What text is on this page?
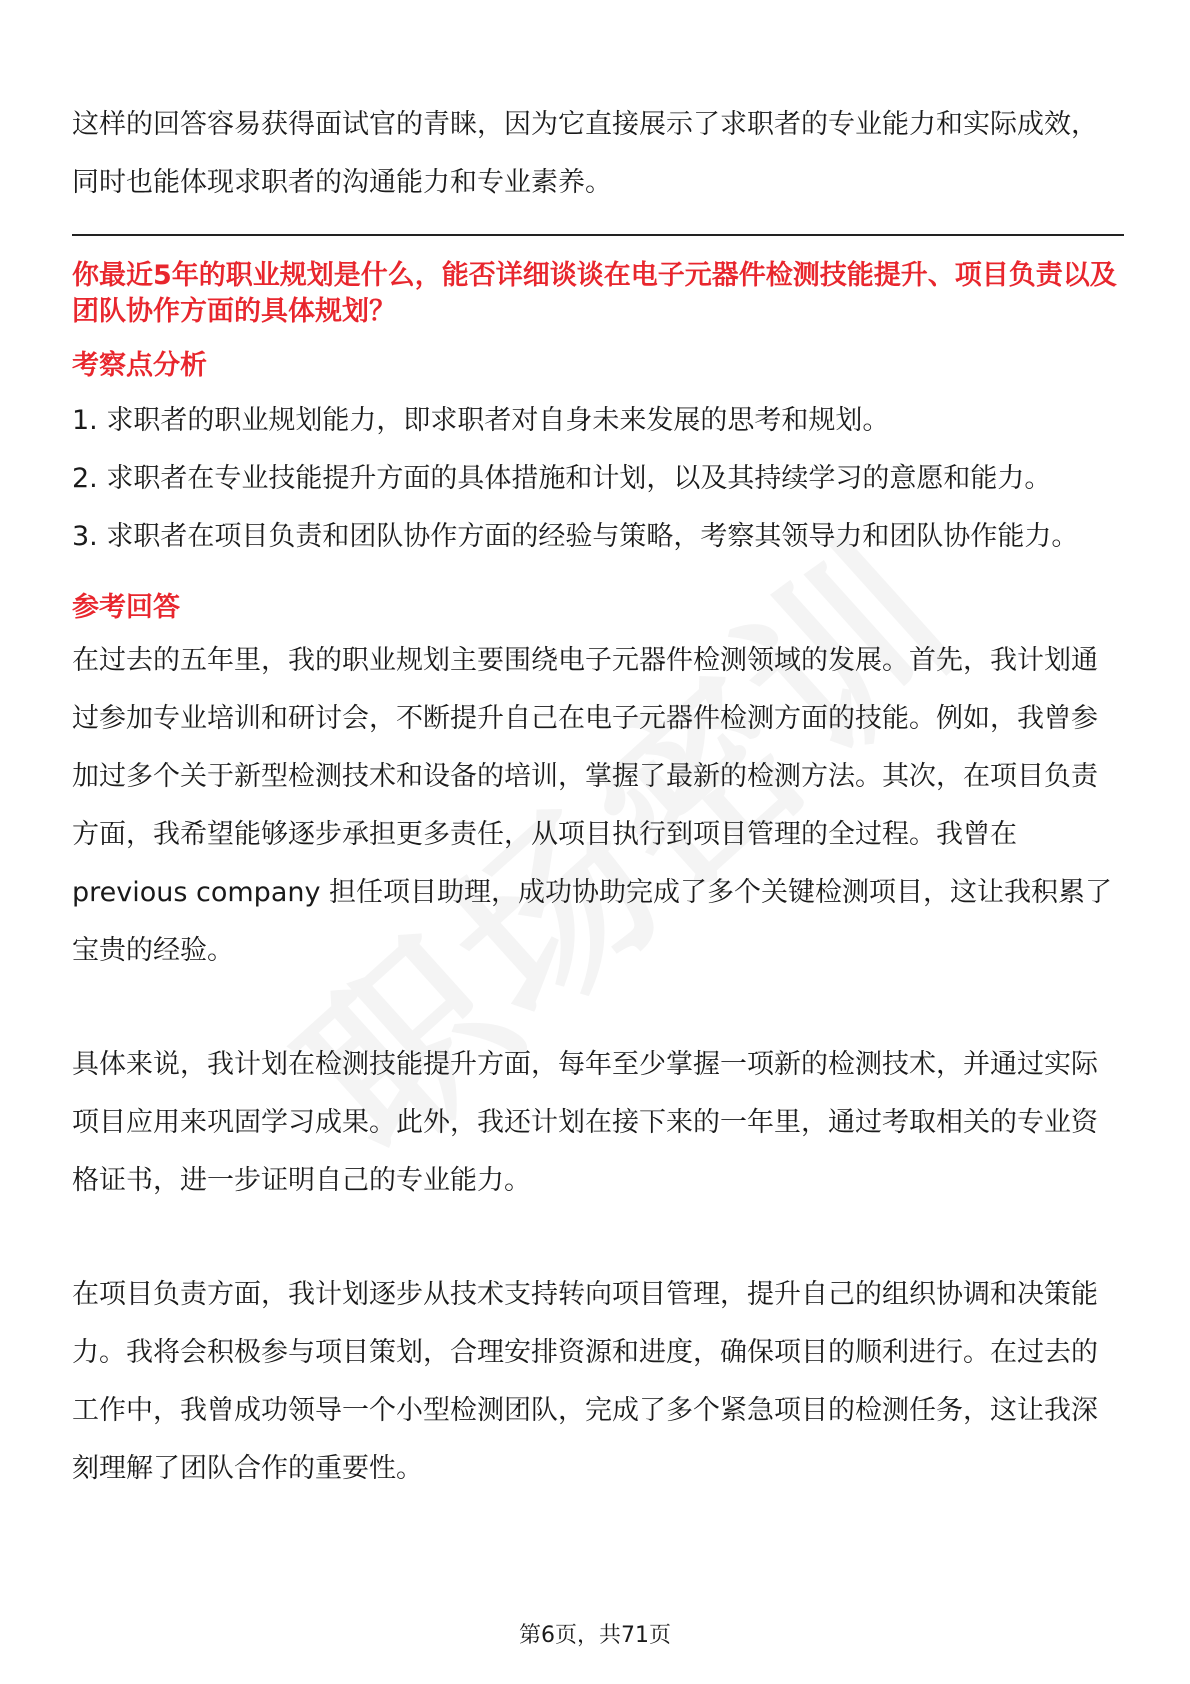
这样的回答容易获得面试官的青睐，因为它直接展示了求职者的专业能力和实际成效，同时也能体现求职者的沟通能力和专业素养。

你最近5年的职业规划是什么，能否详细谈谈在电子元器件检测技能提升、项目负责以及团队协作方面的具体规划？

考察点分析

1. 求职者的职业规划能力，即求职者对自身未来发展的思考和规划。

2. 求职者在专业技能提升方面的具体措施和计划，以及其持续学习的意愿和能力。

3. 求职者在项目负责和团队协作方面的经验与策略，考察其领导力和团队协作能力。

参考回答

在过去的五年里，我的职业规划主要围绕电子元器件检测领域的发展。首先，我计划通过参加专业培训和研讨会，不断提升自己在电子元器件检测方面的技能。例如，我曾参加过多个关于新型检测技术和设备的培训，掌握了最新的检测方法。其次，在项目负责方面，我希望能够逐步承担更多责任，从项目执行到项目管理的全过程。我曾在 previous company 担任项目助理，成功协助完成了多个关键检测项目，这让我积累了宝贵的经验。

具体来说，我计划在检测技能提升方面，每年至少掌握一项新的检测技术，并通过实际项目应用来巩固学习成果。此外，我还计划在接下来的一年里，通过考取相关的专业资格证书，进一步证明自己的专业能力。

在项目负责方面，我计划逐步从技术支持转向项目管理，提升自己的组织协调和决策能力。我将会积极参与项目策划，合理安排资源和进度，确保项目的顺利进行。在过去的工作中，我曾成功领导一个小型检测团队，完成了多个紧急项目的检测任务，这让我深刻理解了团队合作的重要性。

第6页，共71页
